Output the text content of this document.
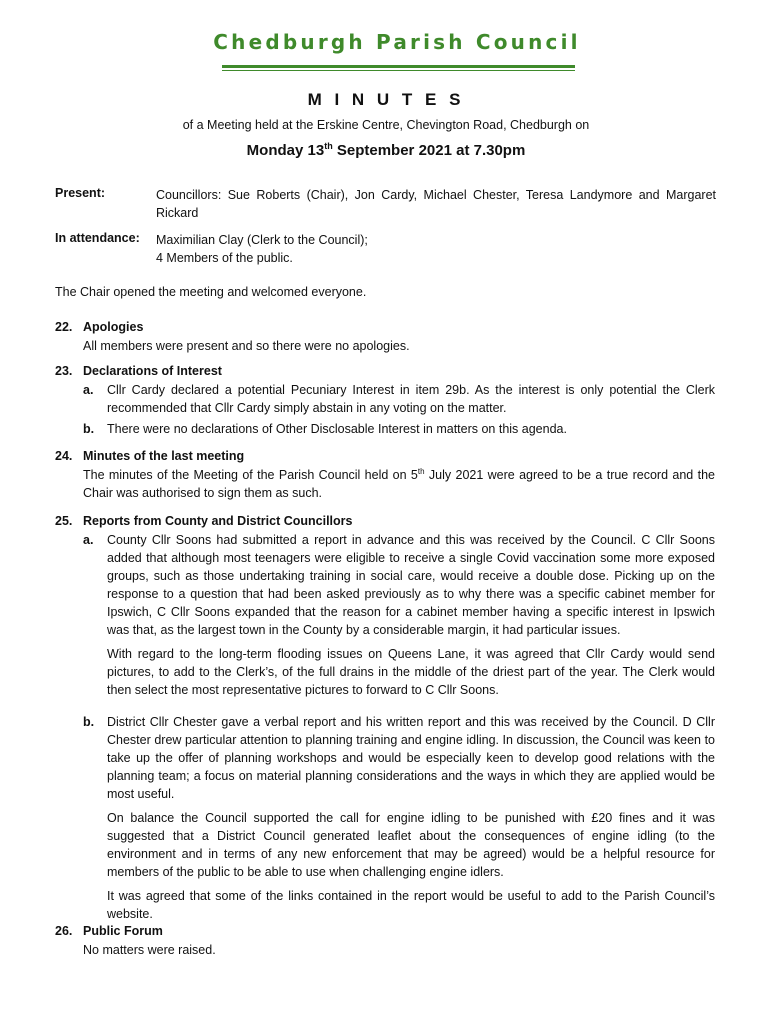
Chedburgh Parish Council
M I N U T E S
of a Meeting held at the Erskine Centre, Chevington Road, Chedburgh on
Monday 13th September 2021 at 7.30pm
Present:	Councillors: Sue Roberts (Chair), Jon Cardy, Michael Chester, Teresa Landymore and Margaret Rickard
In attendance: Maximilian Clay (Clerk to the Council);
4 Members of the public.
The Chair opened the meeting and welcomed everyone.
22. Apologies
All members were present and so there were no apologies.
23. Declarations of Interest
a. Cllr Cardy declared a potential Pecuniary Interest in item 29b. As the interest is only potential the Clerk recommended that Cllr Cardy simply abstain in any voting on the matter.
b. There were no declarations of Other Disclosable Interest in matters on this agenda.
24. Minutes of the last meeting
The minutes of the Meeting of the Parish Council held on 5th July 2021 were agreed to be a true record and the Chair was authorised to sign them as such.
25. Reports from County and District Councillors
a. County Cllr Soons had submitted a report in advance and this was received by the Council. C Cllr Soons added that although most teenagers were eligible to receive a single Covid vaccination some more exposed groups, such as those undertaking training in social care, would receive a double dose. Picking up on the response to a question that had been asked previously as to why there was a specific cabinet member for Ipswich, C Cllr Soons expanded that the reason for a cabinet member having a specific interest in Ipswich was that, as the largest town in the County by a considerable margin, it had particular issues.

With regard to the long-term flooding issues on Queens Lane, it was agreed that Cllr Cardy would send pictures, to add to the Clerk’s, of the full drains in the middle of the driest part of the year. The Clerk would then select the most representative pictures to forward to C Cllr Soons.

b. District Cllr Chester gave a verbal report and his written report and this was received by the Council. D Cllr Chester drew particular attention to planning training and engine idling. In discussion, the Council was keen to take up the offer of planning workshops and would be especially keen to develop good relations with the planning team; a focus on material planning considerations and the ways in which they are applied would be most useful.

On balance the Council supported the call for engine idling to be punished with £20 fines and it was suggested that a District Council generated leaflet about the consequences of engine idling (to the environment and in terms of any new enforcement that may be agreed) would be a helpful resource for members of the public to be able to use when challenging engine idlers.

It was agreed that some of the links contained in the report would be useful to add to the Parish Council’s website.

26. Public Forum
No matters were raised.
